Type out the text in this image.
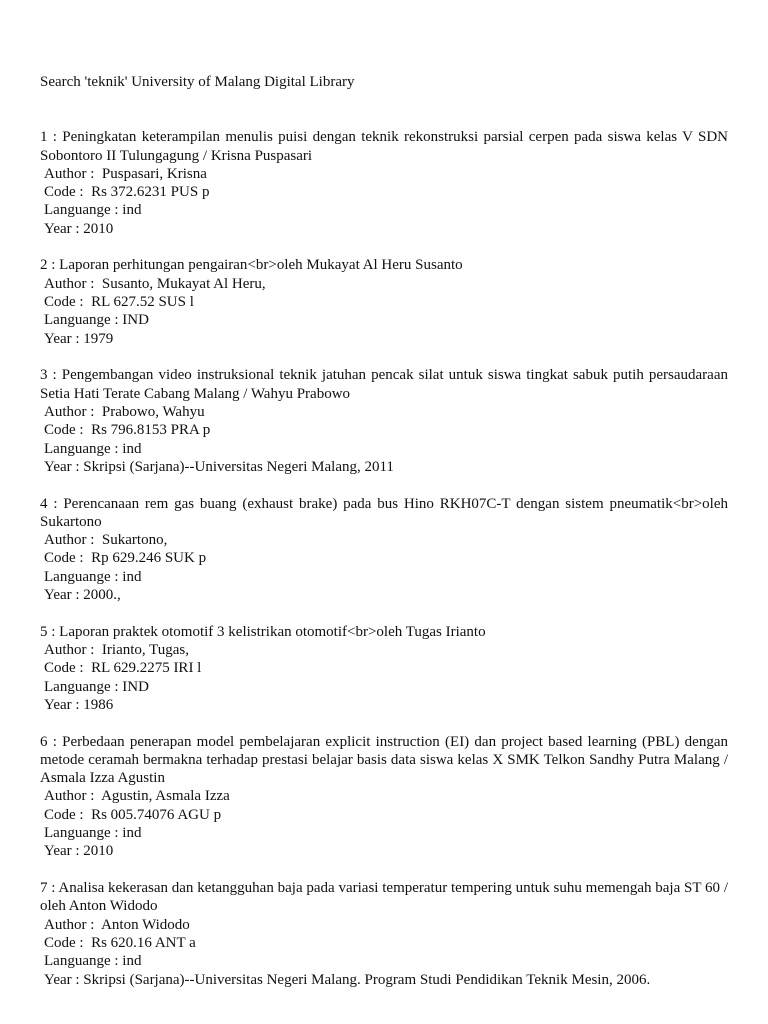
Search 'teknik' University of Malang Digital Library
1 : Peningkatan keterampilan menulis puisi dengan teknik rekonstruksi parsial cerpen pada siswa kelas V SDN Sobontoro II Tulungagung / Krisna Puspasari
Author :  Puspasari, Krisna
Code :  Rs 372.6231 PUS p
Languange : ind
Year : 2010
2 : Laporan perhitungan pengairan<br>oleh Mukayat Al Heru Susanto
Author :  Susanto, Mukayat Al Heru,
Code :  RL 627.52 SUS l
Languange : IND
Year : 1979
3 : Pengembangan video instruksional teknik jatuhan pencak silat untuk siswa tingkat sabuk putih persaudaraan Setia Hati Terate Cabang Malang / Wahyu Prabowo
Author :  Prabowo, Wahyu
Code :  Rs 796.8153 PRA p
Languange : ind
Year : Skripsi (Sarjana)--Universitas Negeri Malang, 2011
4 : Perencanaan rem gas buang (exhaust brake) pada bus Hino RKH07C-T dengan sistem pneumatik<br>oleh Sukartono
Author :  Sukartono,
Code :  Rp 629.246 SUK p
Languange : ind
Year : 2000.,
5 : Laporan praktek otomotif 3 kelistrikan otomotif<br>oleh Tugas Irianto
Author :  Irianto, Tugas,
Code :  RL 629.2275 IRI l
Languange : IND
Year : 1986
6 : Perbedaan penerapan model pembelajaran explicit instruction (EI) dan project based learning (PBL) dengan metode ceramah bermakna terhadap prestasi belajar basis data siswa kelas X SMK Telkon Sandhy Putra Malang / Asmala Izza Agustin
Author :  Agustin, Asmala Izza
Code :  Rs 005.74076 AGU p
Languange : ind
Year : 2010
7 : Analisa kekerasan dan ketangguhan baja pada variasi temperatur tempering untuk suhu memengah baja ST 60 / oleh Anton Widodo
Author :  Anton Widodo
Code :  Rs 620.16 ANT a
Languange : ind
Year : Skripsi (Sarjana)--Universitas Negeri Malang. Program Studi Pendidikan Teknik Mesin, 2006.
